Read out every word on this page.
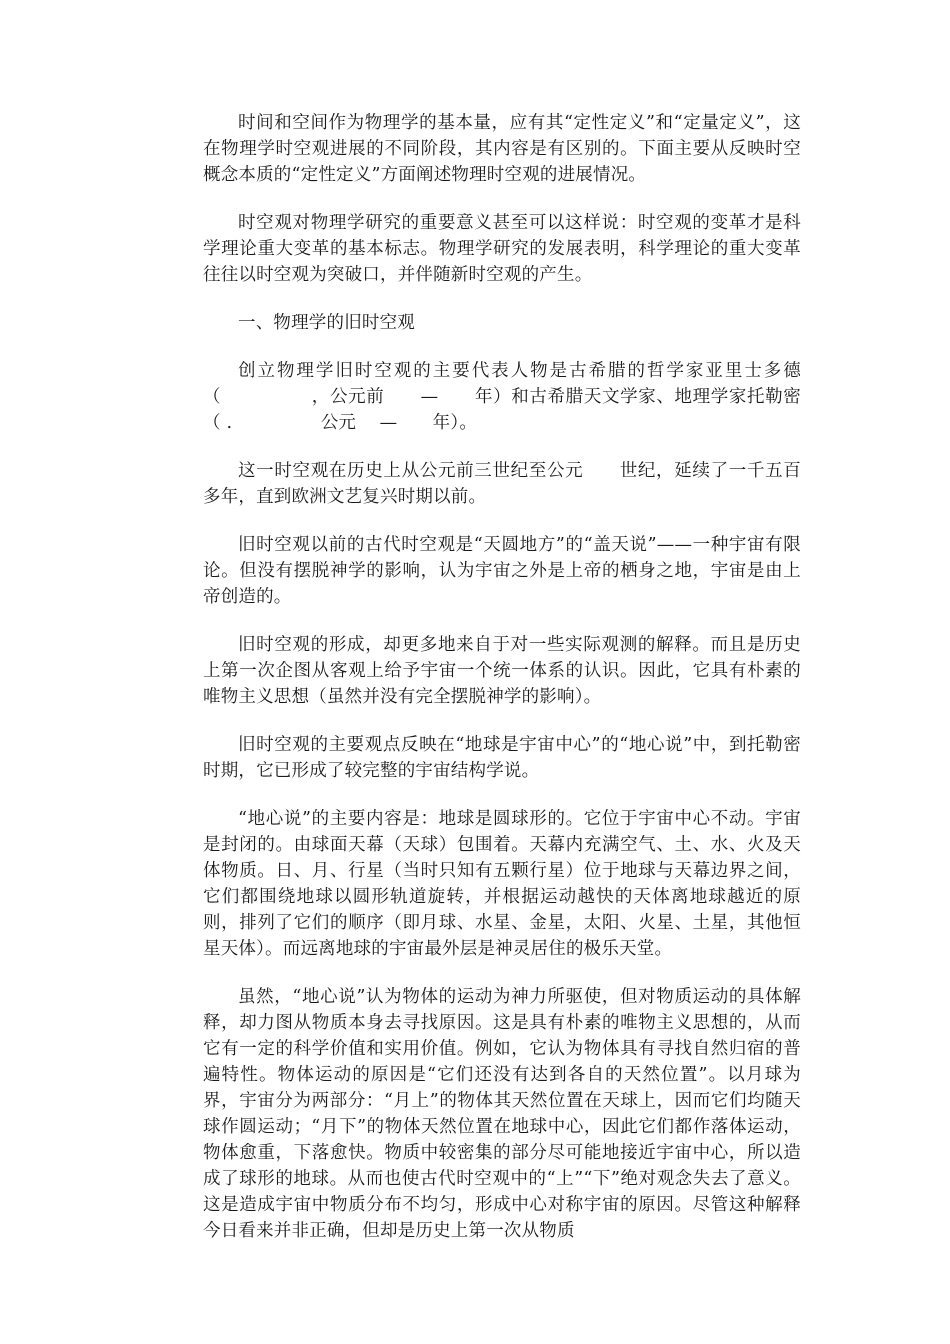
时间和空间作为物理学的基本量，应有其“定性定义”和“定量定义”，这在物理学时空观进展的不同阶段，其内容是有区别的。下面主要从反映时空概念本质的“定性定义”方面阐述物理时空观的进展情况。

时空观对物理学研究的重要意义甚至可以这样说：时空观的变革才是科学理论重大变革的基本标志。物理学研究的发展表明，科学理论的重大变革往往以时空观为突破口，并伴随新时空观的产生。

一、物理学的旧时空观

创立物理学旧时空观的主要代表人物是古希腊的哲学家亚里士多德（　　　　　，公元前　　—　　年）和古希腊天文学家、地理学家托勒密（ .　　　　　公元　 —　　年）。

这一时空观在历史上从公元前三世纪至公元　　世纪，延续了一千五百多年，直到欧洲文艺复兴时期以前。

旧时空观以前的古代时空观是“天圆地方”的“盖天说”——一种宇宙有限论。但没有摆脱神学的影响，认为宇宙之外是上帝的栖身之地，宇宙是由上帝创造的。

旧时空观的形成，却更多地来自于对一些实际观测的解释。而且是历史上第一次企图从客观上给予宇宙一个统一体系的认识。因此，它具有朴素的唯物主义思想（虽然并没有完全摆脱神学的影响）。

旧时空观的主要观点反映在“地球是宇宙中心”的“地心说”中，到托勒密时期，它已形成了较完整的宇宙结构学说。

“地心说”的主要内容是：地球是圆球形的。它位于宇宙中心不动。宇宙是封闭的。由球面天幕（天球）包围着。天幕内充满空气、土、水、火及天体物质。日、月、行星（当时只知有五颗行星）位于地球与天幕边界之间，它们都围绕地球以圆形轨道旋转，并根据运动越快的天体离地球越近的原则，排列了它们的顺序（即月球、水星、金星，太阳、火星、土星，其他恒星天体）。而远离地球的宇宙最外层是神灵居住的极乐天堂。

虽然，“地心说”认为物体的运动为神力所驱使，但对物质运动的具体解释，却力图从物质本身去寻找原因。这是具有朴素的唯物主义思想的，从而它有一定的科学价值和实用价值。例如，它认为物体具有寻找自然归宿的普遍特性。物体运动的原因是“它们还没有达到各自的天然位置”。以月球为界，宇宙分为两部分：“月上”的物体其天然位置在天球上，因而它们均随天球作圆运动；“月下”的物体天然位置在地球中心，因此它们都作落体运动，物体愈重，下落愈快。物质中较密集的部分尽可能地接近宇宙中心，所以造成了球形的地球。从而也使古代时空观中的“上”“下”绝对观念失去了意义。这是造成宇宙中物质分布不均匀，形成中心对称宇宙的原因。尽管这种解释今日看来并非正确，但却是历史上第一次从物质
